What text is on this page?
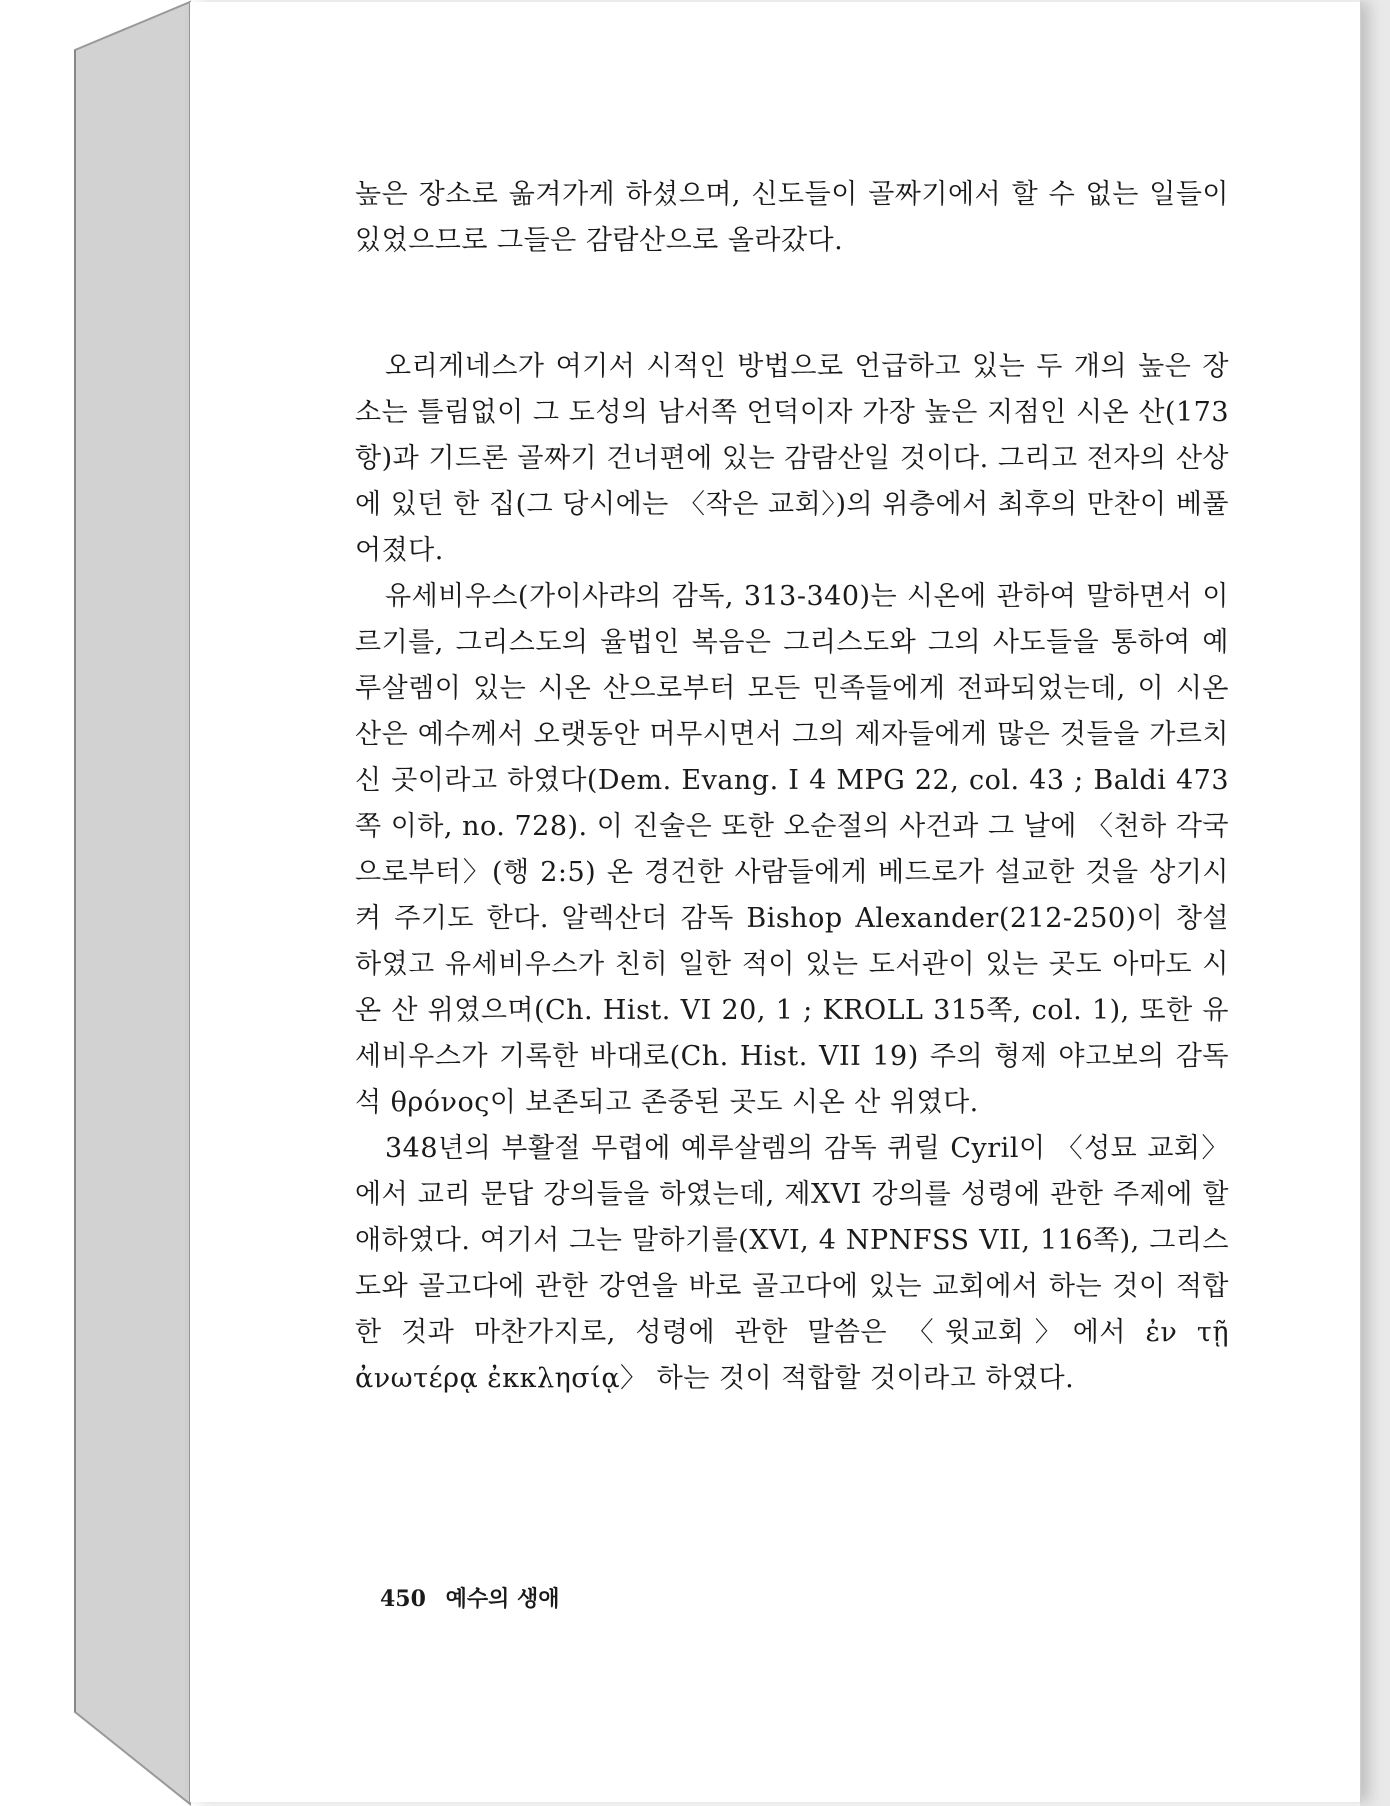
높은 장소로 옮겨가게 하셨으며, 신도들이 골짜기에서 할 수 없는 일들이 있었으므로 그들은 감람산으로 올라갔다.

오리게네스가 여기서 시적인 방법으로 언급하고 있는 두 개의 높은 장소는 틀림없이 그 도성의 남서쪽 언덕이자 가장 높은 지점인 시온 산(173항)과 기드론 골짜기 건너편에 있는 감람산일 것이다. 그리고 전자의 산상에 있던 한 집(그 당시에는 〈작은 교회〉)의 위층에서 최후의 만찬이 베풀어졌다.

유세비우스(가이사랴의 감독, 313-340)는 시온에 관하여 말하면서 이르기를, 그리스도의 율법인 복음은 그리스도와 그의 사도들을 통하여 예루살렘이 있는 시온 산으로부터 모든 민족들에게 전파되었는데, 이 시온 산은 예수께서 오랫동안 머무시면서 그의 제자들에게 많은 것들을 가르치신 곳이라고 하였다(Dem. Evang. I 4 MPG 22, col. 43 ; Baldi 473쪽 이하, no. 728). 이 진술은 또한 오순절의 사건과 그 날에 〈천하 각국으로부터〉(행 2:5) 온 경건한 사람들에게 베드로가 설교한 것을 상기시켜 주기도 한다. 알렉산더 감독 Bishop Alexander(212-250)이 창설하였고 유세비우스가 친히 일한 적이 있는 도서관이 있는 곳도 아마도 시온 산 위였으며(Ch. Hist. VI 20, 1 ; KROLL 315쪽, col. 1), 또한 유세비우스가 기록한 바대로(Ch. Hist. VII 19) 주의 형제 야고보의 감독석 θρόνος이 보존되고 존중된 곳도 시온 산 위였다.

348년의 부활절 무렵에 예루살렘의 감독 퀴릴 Cyril이 〈성묘 교회〉에서 교리 문답 강의들을 하였는데, 제XVI 강의를 성령에 관한 주제에 할애하였다. 여기서 그는 말하기를(XVI, 4 NPNFSS VII, 116쪽), 그리스도와 골고다에 관한 강연을 바로 골고다에 있는 교회에서 하는 것이 적합한 것과 마찬가지로, 성령에 관한 말씀은 〈윗교회〉에서 ἐν τῇ ἀνωτέρᾳ ἐκκλησίᾳ〉 하는 것이 적합할 것이라고 하였다.

450 예수의 생애
